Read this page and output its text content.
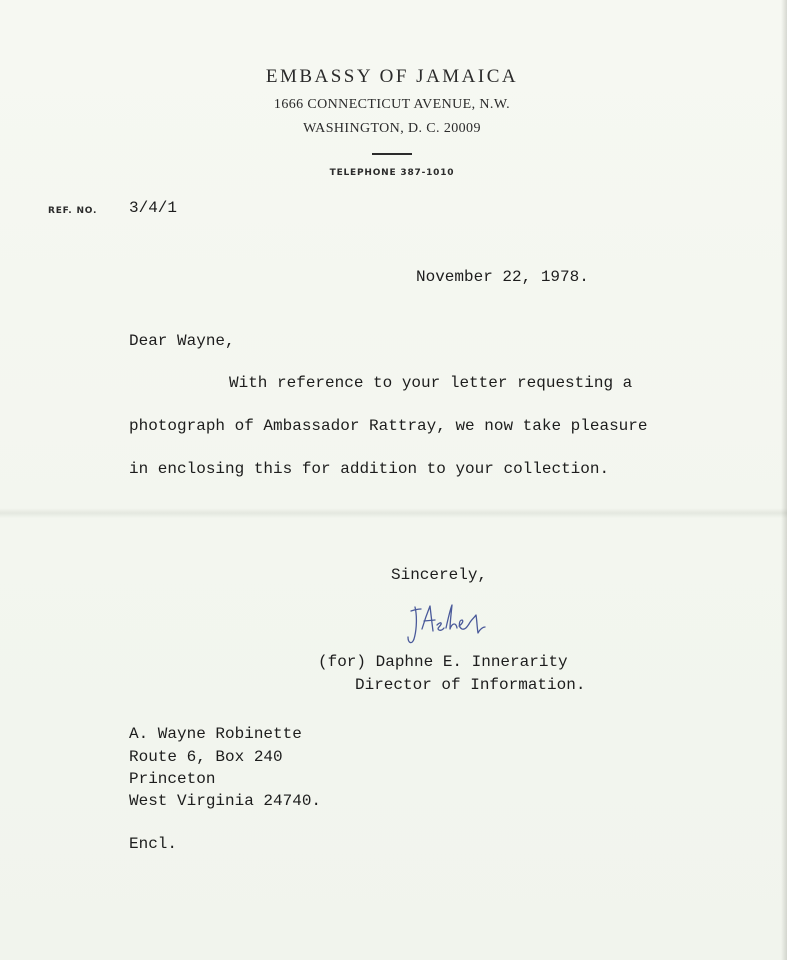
EMBASSY OF JAMAICA
1666 CONNECTICUT AVENUE, N.W.
WASHINGTON, D. C. 20009
TELEPHONE 387-1010
REF. NO. 3/4/1
November 22, 1978.
Dear Wayne,
With reference to your letter requesting a
photograph of Ambassador Rattray, we now take pleasure
in enclosing this for addition to your collection.
Sincerely,
(for) Daphne E. Innerarity
Director of Information.
A. Wayne Robinette
Route 6, Box 240
Princeton
West Virginia 24740.
Encl.
